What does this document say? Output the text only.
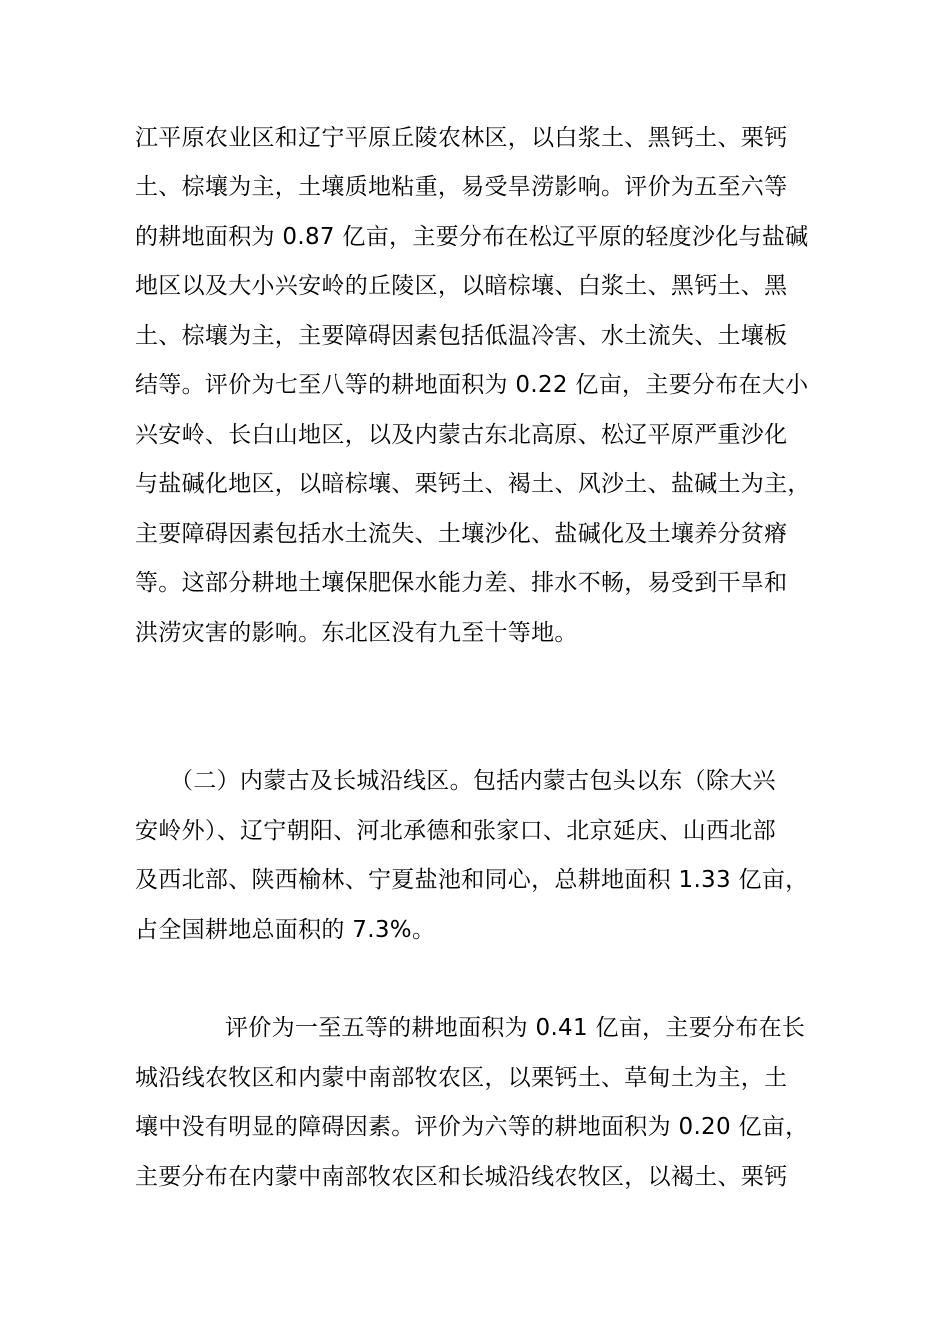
江平原农业区和辽宁平原丘陵农林区，以白浆土、黑钙土、栗钙
土、棕壤为主，土壤质地粘重，易受旱涝影响。评价为五至六等
的耕地面积为 0.87 亿亩，主要分布在松辽平原的轻度沙化与盐碱
地区以及大小兴安岭的丘陵区，以暗棕壤、白浆土、黑钙土、黑
土、棕壤为主，主要障碍因素包括低温冷害、水土流失、土壤板
结等。评价为七至八等的耕地面积为 0.22 亿亩，主要分布在大小
兴安岭、长白山地区，以及内蒙古东北高原、松辽平原严重沙化
与盐碱化地区，以暗棕壤、栗钙土、褐土、风沙土、盐碱土为主，
主要障碍因素包括水土流失、土壤沙化、盐碱化及土壤养分贫瘠
等。这部分耕地土壤保肥保水能力差、排水不畅，易受到干旱和
洪涝灾害的影响。东北区没有九至十等地。
（二）内蒙古及长城沿线区。包括内蒙古包头以东（除大兴
安岭外）、辽宁朝阳、河北承德和张家口、北京延庆、山西北部
及西北部、陕西榆林、宁夏盐池和同心，总耕地面积 1.33 亿亩，
占全国耕地总面积的 7.3%。
评价为一至五等的耕地面积为 0.41 亿亩，主要分布在长
城沿线农牧区和内蒙中南部牧农区，以栗钙土、草甸土为主，土
壤中没有明显的障碍因素。评价为六等的耕地面积为 0.20 亿亩，
主要分布在内蒙中南部牧农区和长城沿线农牧区，以褐土、栗钙
